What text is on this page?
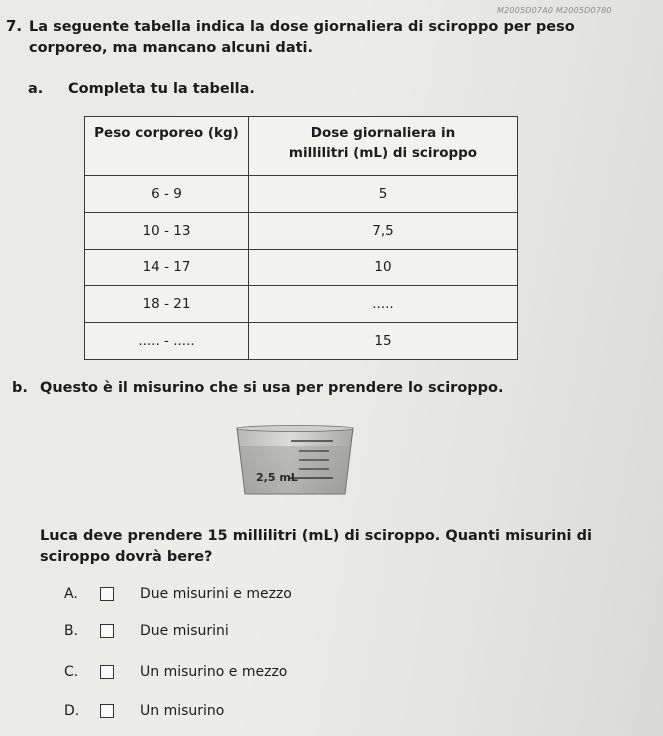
M2005D07A0 M2005D0780
7. La seguente tabella indica la dose giornaliera di sciroppo per peso corporeo, ma mancano alcuni dati.
a. Completa tu la tabella.
Peso corporeo (kg)	Dose giornaliera in millilitri (mL) di sciroppo
6 - 9	5
10 - 13	7,5
14 - 17	10
18 - 21	.....
..... - .....	15
b. Questo è il misurino che si usa per prendere lo sciroppo.
2,5 mL
Luca deve prendere 15 millilitri (mL) di sciroppo. Quanti misurini di sciroppo dovrà bere?
A.	Due misurini e mezzo
B.	Due misurini
C.	Un misurino e mezzo
D.	Un misurino
